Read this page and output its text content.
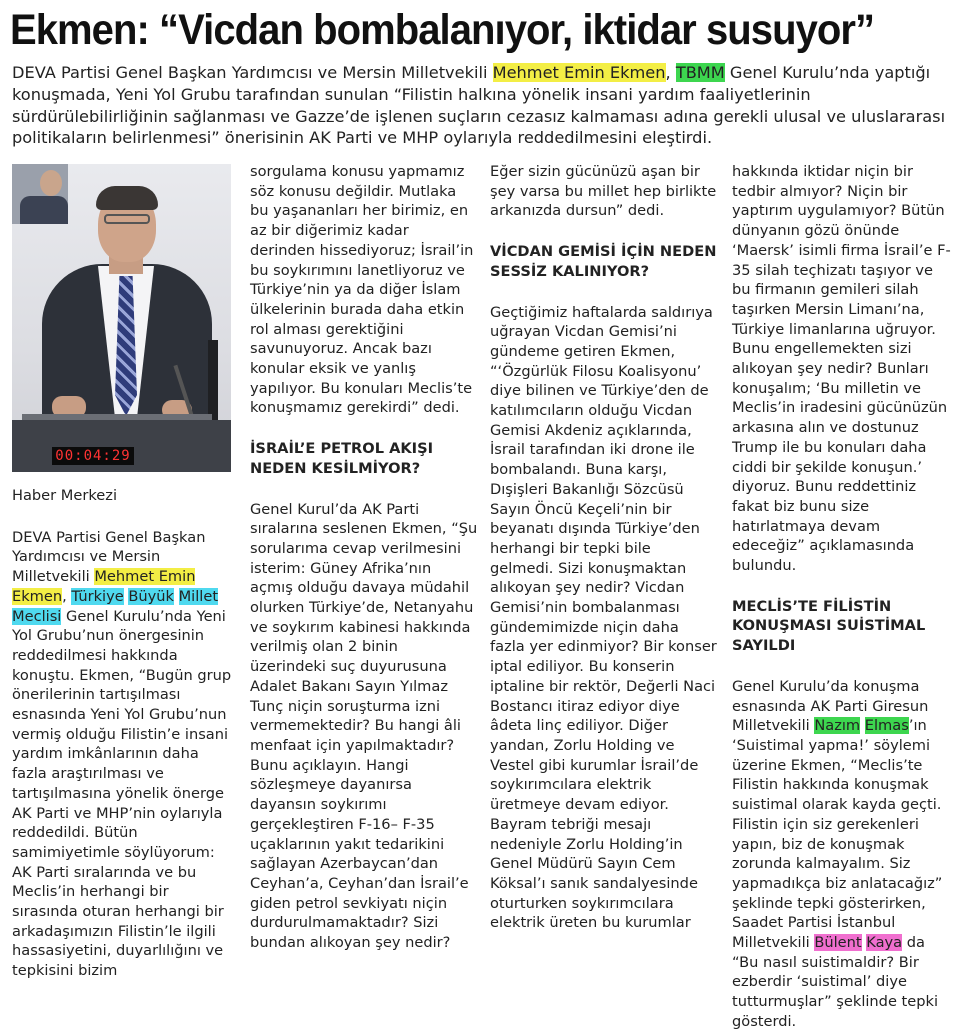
Ekmen: “Vicdan bombalanıyor, iktidar susuyor”

DEVA Partisi Genel Başkan Yardımcısı ve Mersin Milletvekili Mehmet Emin Ekmen, TBMM Genel Kurulu’nda yaptığı konuşmada, Yeni Yol Grubu tarafından sunulan “Filistin halkına yönelik insani yardım faaliyetlerinin sürdürülebilirliğinin sağlanması ve Gazze’de işlenen suçların cezasız kalmaması adına gerekli ulusal ve uluslararası politikaların belirlenmesi” önerisinin AK Parti ve MHP oylarıyla reddedilmesini eleştirdi.

00:04:29

Haber Merkezi

DEVA Partisi Genel Başkan Yardımcısı ve Mersin Milletvekili Mehmet Emin Ekmen, Türkiye Büyük Millet Meclisi Genel Kurulu’nda Yeni Yol Grubu’nun önergesinin reddedilmesi hakkında konuştu. Ekmen, “Bugün grup önerilerinin tartışılması esnasında Yeni Yol Grubu’nun vermiş olduğu Filistin’e insani yardım imkânlarının daha fazla araştırılması ve tartışılmasına yönelik önerge AK Parti ve MHP’nin oylarıyla reddedildi. Bütün samimiyetimle söylüyorum: AK Parti sıralarında ve bu Meclis’in herhangi bir sırasında oturan herhangi bir arkadaşımızın Filistin’le ilgili hassasiyetini, duyarlılığını ve tepkisini bizim

sorgulama konusu yapmamız söz konusu değildir. Mutlaka bu yaşananları her birimiz, en az bir diğerimiz kadar derinden hissediyoruz; İsrail’in bu soykırımını lanetliyoruz ve Türkiye’nin ya da diğer İslam ülkelerinin burada daha etkin rol alması gerektiğini savunuyoruz. Ancak bazı konular eksik ve yanlış yapılıyor. Bu konuları Meclis’te konuşmamız gerekirdi” dedi.

İSRAİL’E PETROL AKIŞI NEDEN KESİLMİYOR?

Genel Kurul’da AK Parti sıralarına seslenen Ekmen, “Şu sorularıma cevap verilmesini isterim: Güney Afrika’nın açmış olduğu davaya müdahil olurken Türkiye’de, Netanyahu ve soykırım kabinesi hakkında verilmiş olan 2 binin üzerindeki suç duyurusuna Adalet Bakanı Sayın Yılmaz Tunç niçin soruşturma izni vermemektedir? Bu hangi âli menfaat için yapılmaktadır? Bunu açıklayın. Hangi sözleşmeye dayanırsa dayansın soykırımı gerçekleştiren F-16– F-35 uçaklarının yakıt tedarikini sağlayan Azerbaycan’dan Ceyhan’a, Ceyhan’dan İsrail’e giden petrol sevkiyatı niçin durdurulmamaktadır? Sizi bundan alıkoyan şey nedir?

Eğer sizin gücünüzü aşan bir şey varsa bu millet hep birlikte arkanızda dursun” dedi.

VİCDAN GEMİSİ İÇİN NEDEN SESSİZ KALINIYOR?

Geçtiğimiz haftalarda saldırıya uğrayan Vicdan Gemisi’ni gündeme getiren Ekmen, “‘Özgürlük Filosu Koalisyonu’ diye bilinen ve Türkiye’den de katılımcıların olduğu Vicdan Gemisi Akdeniz açıklarında, İsrail tarafından iki drone ile bombalandı. Buna karşı, Dışişleri Bakanlığı Sözcüsü Sayın Öncü Keçeli’nin bir beyanatı dışında Türkiye’den herhangi bir tepki bile gelmedi. Sizi konuşmaktan alıkoyan şey nedir? Vicdan Gemisi’nin bombalanması gündemimizde niçin daha fazla yer edinmiyor? Bir konser iptal ediliyor. Bu konserin iptaline bir rektör, Değerli Naci Bostancı itiraz ediyor diye âdeta linç ediliyor. Diğer yandan, Zorlu Holding ve Vestel gibi kurumlar İsrail’de soykırımcılara elektrik üretmeye devam ediyor. Bayram tebriği mesajı nedeniyle Zorlu Holding’in Genel Müdürü Sayın Cem Köksal’ı sanık sandalyesinde oturturken soykırımcılara elektrik üreten bu kurumlar

hakkında iktidar niçin bir tedbir almıyor? Niçin bir yaptırım uygulamıyor? Bütün dünyanın gözü önünde ‘Maersk’ isimli firma İsrail’e F-35 silah teçhizatı taşıyor ve bu firmanın gemileri silah taşırken Mersin Limanı’na, Türkiye limanlarına uğruyor. Bunu engellemekten sizi alıkoyan şey nedir? Bunları konuşalım; ‘Bu milletin ve Meclis’in iradesini gücünüzün arkasına alın ve dostunuz Trump ile bu konuları daha ciddi bir şekilde konuşun.’ diyoruz. Bunu reddettiniz fakat biz bunu size hatırlatmaya devam edeceğiz” açıklamasında bulundu.

MECLİS’TE FİLİSTİN KONUŞMASI SUİSTİMAL SAYILDI

Genel Kurulu’da konuşma esnasında AK Parti Giresun Milletvekili Nazım Elmas’ın ‘Suistimal yapma!’ söylemi üzerine Ekmen, “Meclis’te Filistin hakkında konuşmak suistimal olarak kayda geçti. Filistin için siz gerekenleri yapın, biz de konuşmak zorunda kalmayalım. Siz yapmadıkça biz anlatacağız” şeklinde tepki gösterirken, Saadet Partisi İstanbul Milletvekili Bülent Kaya da “Bu nasıl suistimaldir? Bir ezberdir ‘suistimal’ diye tutturmuşlar” şeklinde tepki gösterdi.
